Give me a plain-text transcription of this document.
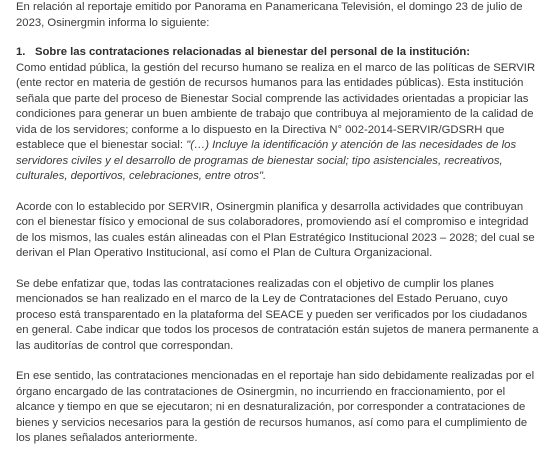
En relación al reportaje emitido por Panorama en Panamericana Televisión, el domingo 23 de julio de
2023, Osinergmin informa lo siguiente:
1. Sobre las contrataciones relacionadas al bienestar del personal de la institución:
Como entidad pública, la gestión del recurso humano se realiza en el marco de las políticas de SERVIR
(ente rector en materia de gestión de recursos humanos para las entidades públicas). Esta institución
señala que parte del proceso de Bienestar Social comprende las actividades orientadas a propiciar las
condiciones para generar un buen ambiente de trabajo que contribuya al mejoramiento de la calidad de
vida de los servidores; conforme a lo dispuesto en la Directiva N° 002-2014-SERVIR/GDSRH que
establece que el bienestar social: "(…) Incluye la identificación y atención de las necesidades de los
servidores civiles y el desarrollo de programas de bienestar social; tipo asistenciales, recreativos,
culturales, deportivos, celebraciones, entre otros".
Acorde con lo establecido por SERVIR, Osinergmin planifica y desarrolla actividades que contribuyan
con el bienestar físico y emocional de sus colaboradores, promoviendo así el compromiso e integridad
de los mismos, las cuales están alineadas con el Plan Estratégico Institucional 2023 – 2028; del cual se
derivan el Plan Operativo Institucional, así como el Plan de Cultura Organizacional.
Se debe enfatizar que, todas las contrataciones realizadas con el objetivo de cumplir los planes
mencionados se han realizado en el marco de la Ley de Contrataciones del Estado Peruano, cuyo
proceso está transparentado en la plataforma del SEACE y pueden ser verificados por los ciudadanos
en general. Cabe indicar que todos los procesos de contratación están sujetos de manera permanente a
las auditorías de control que correspondan.
En ese sentido, las contrataciones mencionadas en el reportaje han sido debidamente realizadas por el
órgano encargado de las contrataciones de Osinergmin, no incurriendo en fraccionamiento, por el
alcance y tiempo en que se ejecutaron; ni en desnaturalización, por corresponder a contrataciones de
bienes y servicios necesarios para la gestión de recursos humanos, así como para el cumplimiento de
los planes señalados anteriormente.
